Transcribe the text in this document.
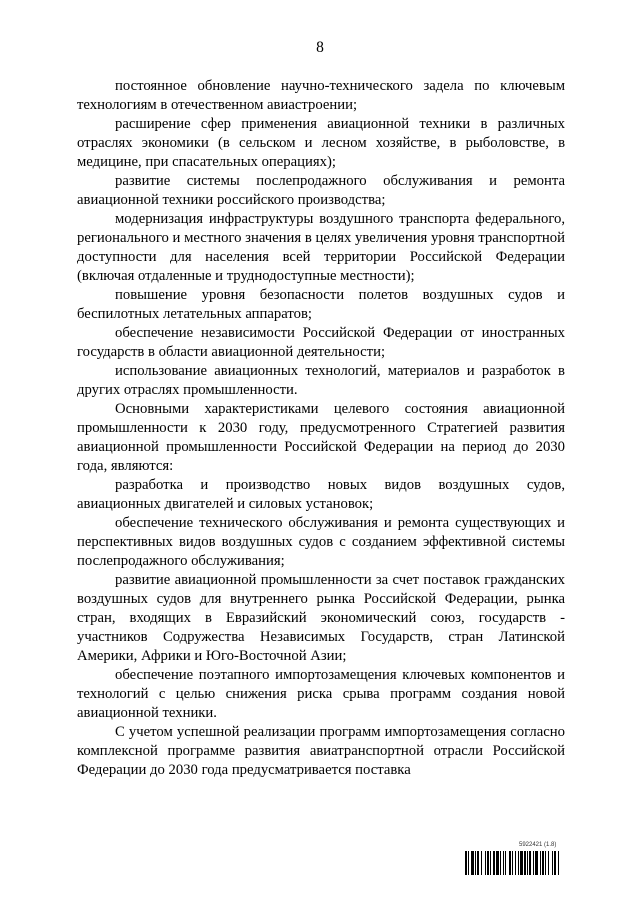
8

постоянное обновление научно-технического задела по ключевым технологиям в отечественном авиастроении;

расширение сфер применения авиационной техники в различных отраслях экономики (в сельском и лесном хозяйстве, в рыболовстве, в медицине, при спасательных операциях);

развитие системы послепродажного обслуживания и ремонта авиационной техники российского производства;

модернизация инфраструктуры воздушного транспорта федерального, регионального и местного значения в целях увеличения уровня транспортной доступности для населения всей территории Российской Федерации (включая отдаленные и труднодоступные местности);

повышение уровня безопасности полетов воздушных судов и беспилотных летательных аппаратов;

обеспечение независимости Российской Федерации от иностранных государств в области авиационной деятельности;

использование авиационных технологий, материалов и разработок в других отраслях промышленности.

Основными характеристиками целевого состояния авиационной промышленности к 2030 году, предусмотренного Стратегией развития авиационной промышленности Российской Федерации на период до 2030 года, являются:

разработка и производство новых видов воздушных судов, авиационных двигателей и силовых установок;

обеспечение технического обслуживания и ремонта существующих и перспективных видов воздушных судов с созданием эффективной системы послепродажного обслуживания;

развитие авиационной промышленности за счет поставок гражданских воздушных судов для внутреннего рынка Российской Федерации, рынка стран, входящих в Евразийский экономический союз, государств - участников Содружества Независимых Государств, стран Латинской Америки, Африки и Юго-Восточной Азии;

обеспечение поэтапного импортозамещения ключевых компонентов и технологий с целью снижения риска срыва программ создания новой авиационной техники.

С учетом успешной реализации программ импортозамещения согласно комплексной программе развития авиатранспортной отрасли Российской Федерации до 2030 года предусматривается поставка

5922421 (1.8)
